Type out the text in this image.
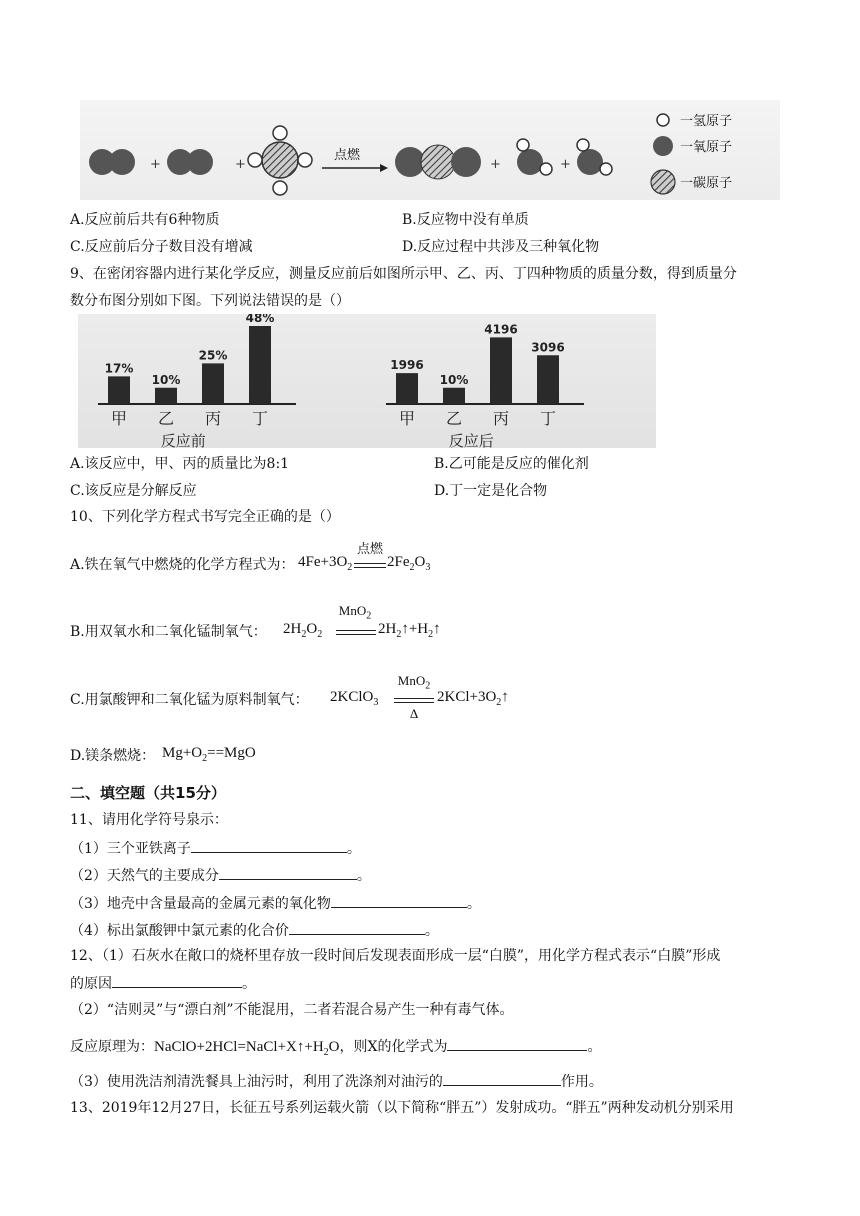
+	+	+	+
点燃
一氢原子
一氧原子
一碳原子
A.反应前后共有6种物质	B.反应物中没有单质
C.反应前后分子数目没有增减	D.反应过程中共涉及三种氧化物
9、在密闭容器内进行某化学反应，测量反应前后如图所示甲、乙、丙、丁四种物质的质量分数，得到质量分
数分布图分别如下图。下列说法错误的是（）
17%
甲
10%
乙
25%
丙
48%
丁
反应前
1996
甲
10%
乙
4196
丙
3096
丁
反应后
A.该反应中，甲、丙的质量比为8:1	B.乙可能是反应的催化剂
C.该反应是分解反应	D.丁一定是化合物
10、下列化学方程式书写完全正确的是（）
A.铁在氧气中燃烧的化学方程式为： $4Fe+3O_2$
点燃
$2Fe_2O_3$
B.用双氧水和二氧化锰制氧气： $2H_2O_2$
MnO$_2$
$2H_2↑+H_2↑$
C.用氯酸钾和二氧化锰为原料制氧气： 2KClO$_3$
MnO$_2$
Δ
$2KCl+3O_2↑$
D.镁条燃烧： $Mg+O_2==MgO$
二、填空题（共15分）
11、请用化学符号泉示：
（1）三个亚铁离子	。
（2）天然气的主要成分	。
（3）地壳中含量最高的金属元素的氧化物	。
（4）标出氯酸钾中氯元素的化合价	。
12、（1）石灰水在敞口的烧杯里存放一段时间后发现表面形成一层“白膜”，用化学方程式表示“白膜”形成
的原因	。
（2）“洁则灵”与“漂白剂”不能混用，二者若混合易产生一种有毒气体。
反应原理为：$NaClO+2HCl=NaCl+X↑+H_2O$，则X的化学式为	。
（3）使用洗洁剂清洗餐具上油污时，利用了洗涤剂对油污的	作用。
13、2019年12月27日，长征五号系列运载火箭（以下简称“胖五”）发射成功。“胖五”两种发动机分别采用
